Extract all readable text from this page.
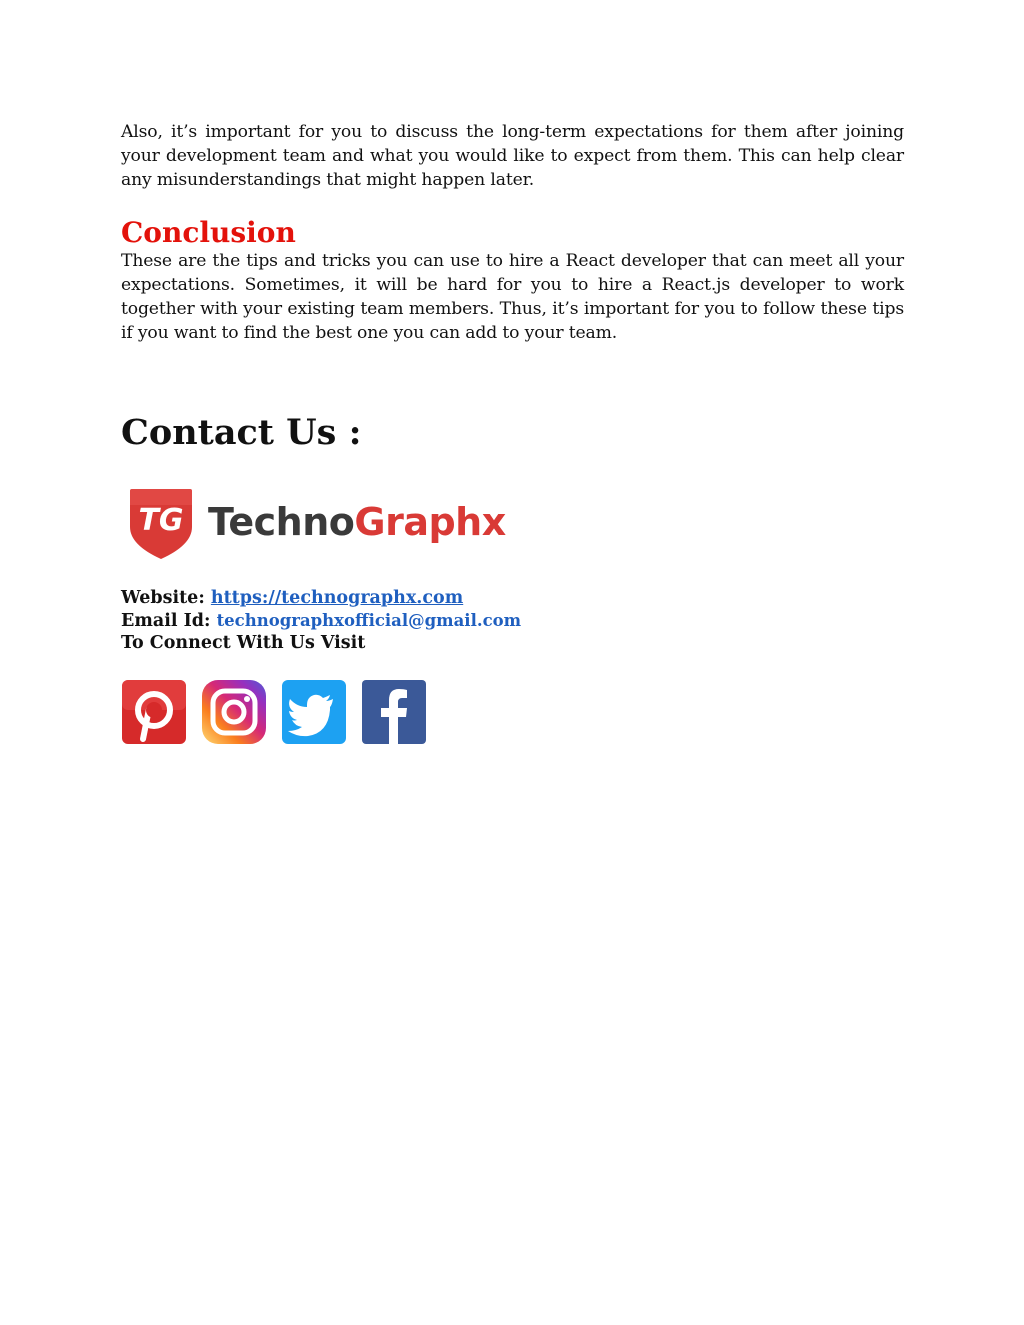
Also, it’s important for you to discuss the long-term expectations for them after joining your development team and what you would like to expect from them. This can help clear any misunderstandings that might happen later.

Conclusion

These are the tips and tricks you can use to hire a React developer that can meet all your expectations. Sometimes, it will be hard for you to hire a React.js developer to work together with your existing team members. Thus, it’s important for you to follow these tips if you want to find the best one you can add to your team.

Contact Us :
TG TechnoGraphx
Website: https://technographx.com
Email Id: technographxofficial@gmail.com
To Connect With Us Visit
